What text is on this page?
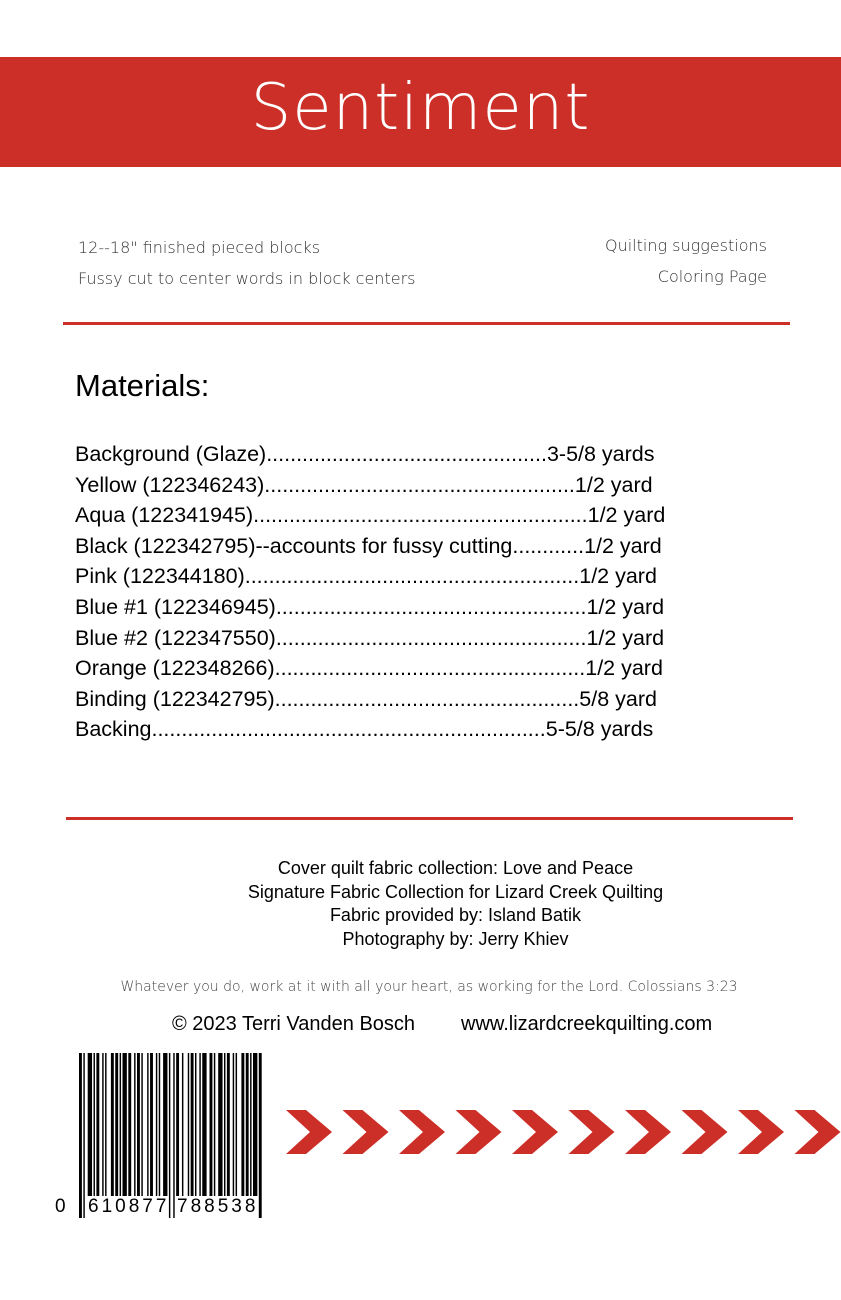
Sentiment
12--18" finished pieced blocks
Fussy cut to center words in block centers
Quilting suggestions
Coloring Page
Materials:
Background (Glaze)...............................................3-5/8 yards
Yellow (122346243)....................................................1/2 yard
Aqua (122341945)........................................................1/2 yard
Black (122342795)--accounts for fussy cutting............1/2 yard
Pink (122344180)........................................................1/2 yard
Blue #1 (122346945)....................................................1/2 yard
Blue #2 (122347550)....................................................1/2 yard
Orange (122348266)....................................................1/2 yard
Binding (122342795)...................................................5/8 yard
Backing..................................................................5-5/8 yards
Cover quilt fabric collection: Love and Peace
Signature Fabric Collection for Lizard Creek Quilting
Fabric provided by: Island Batik
Photography by: Jerry Khiev
Whatever you do, work at it with all your heart, as working for the Lord. Colossians 3:23
© 2023 Terri Vanden Bosch www.lizardcreekquilting.com
0 610877 788538
